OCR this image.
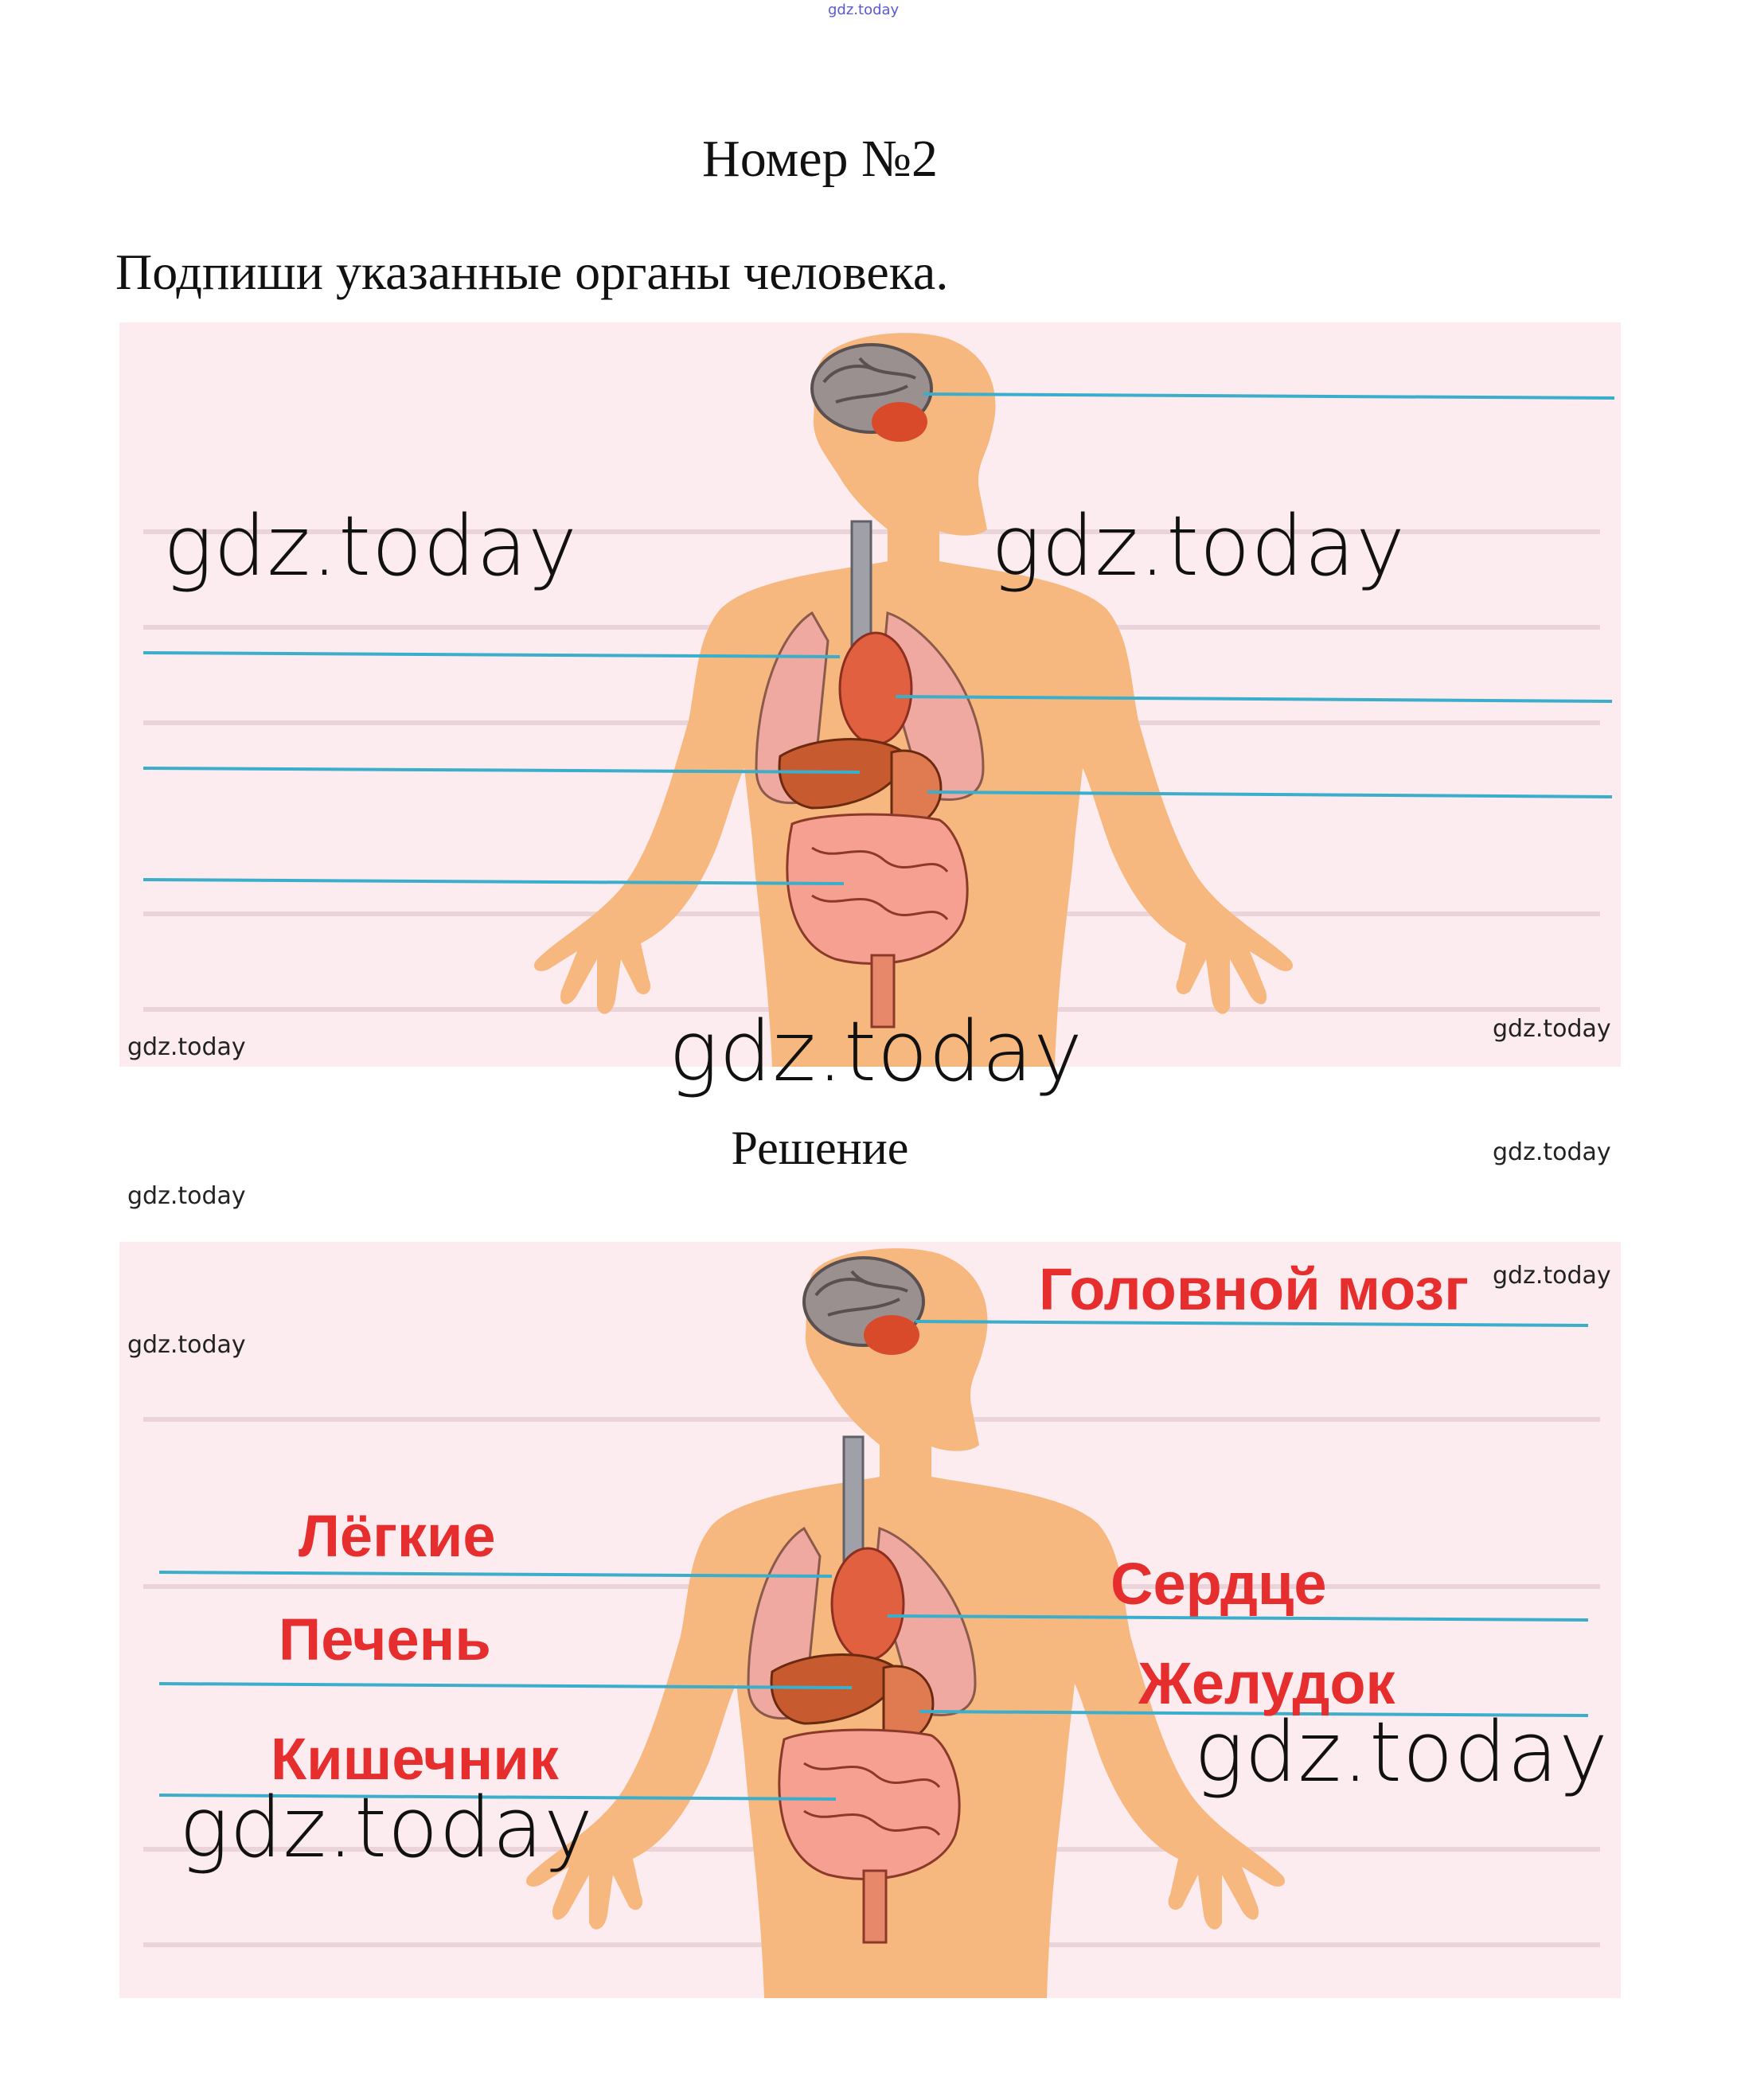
gdz.today
Номер №2
Подпиши указанные органы человека.
Головной мозг
Лёгкие
Печень
Кишечник
Сердце
Желудок
Решение
gdz.today	gdz.today
gdz.today
gdz.today
gdz.today
gdz.today
gdz.today
gdz.today
gdz.today
gdz.today
gdz.today
